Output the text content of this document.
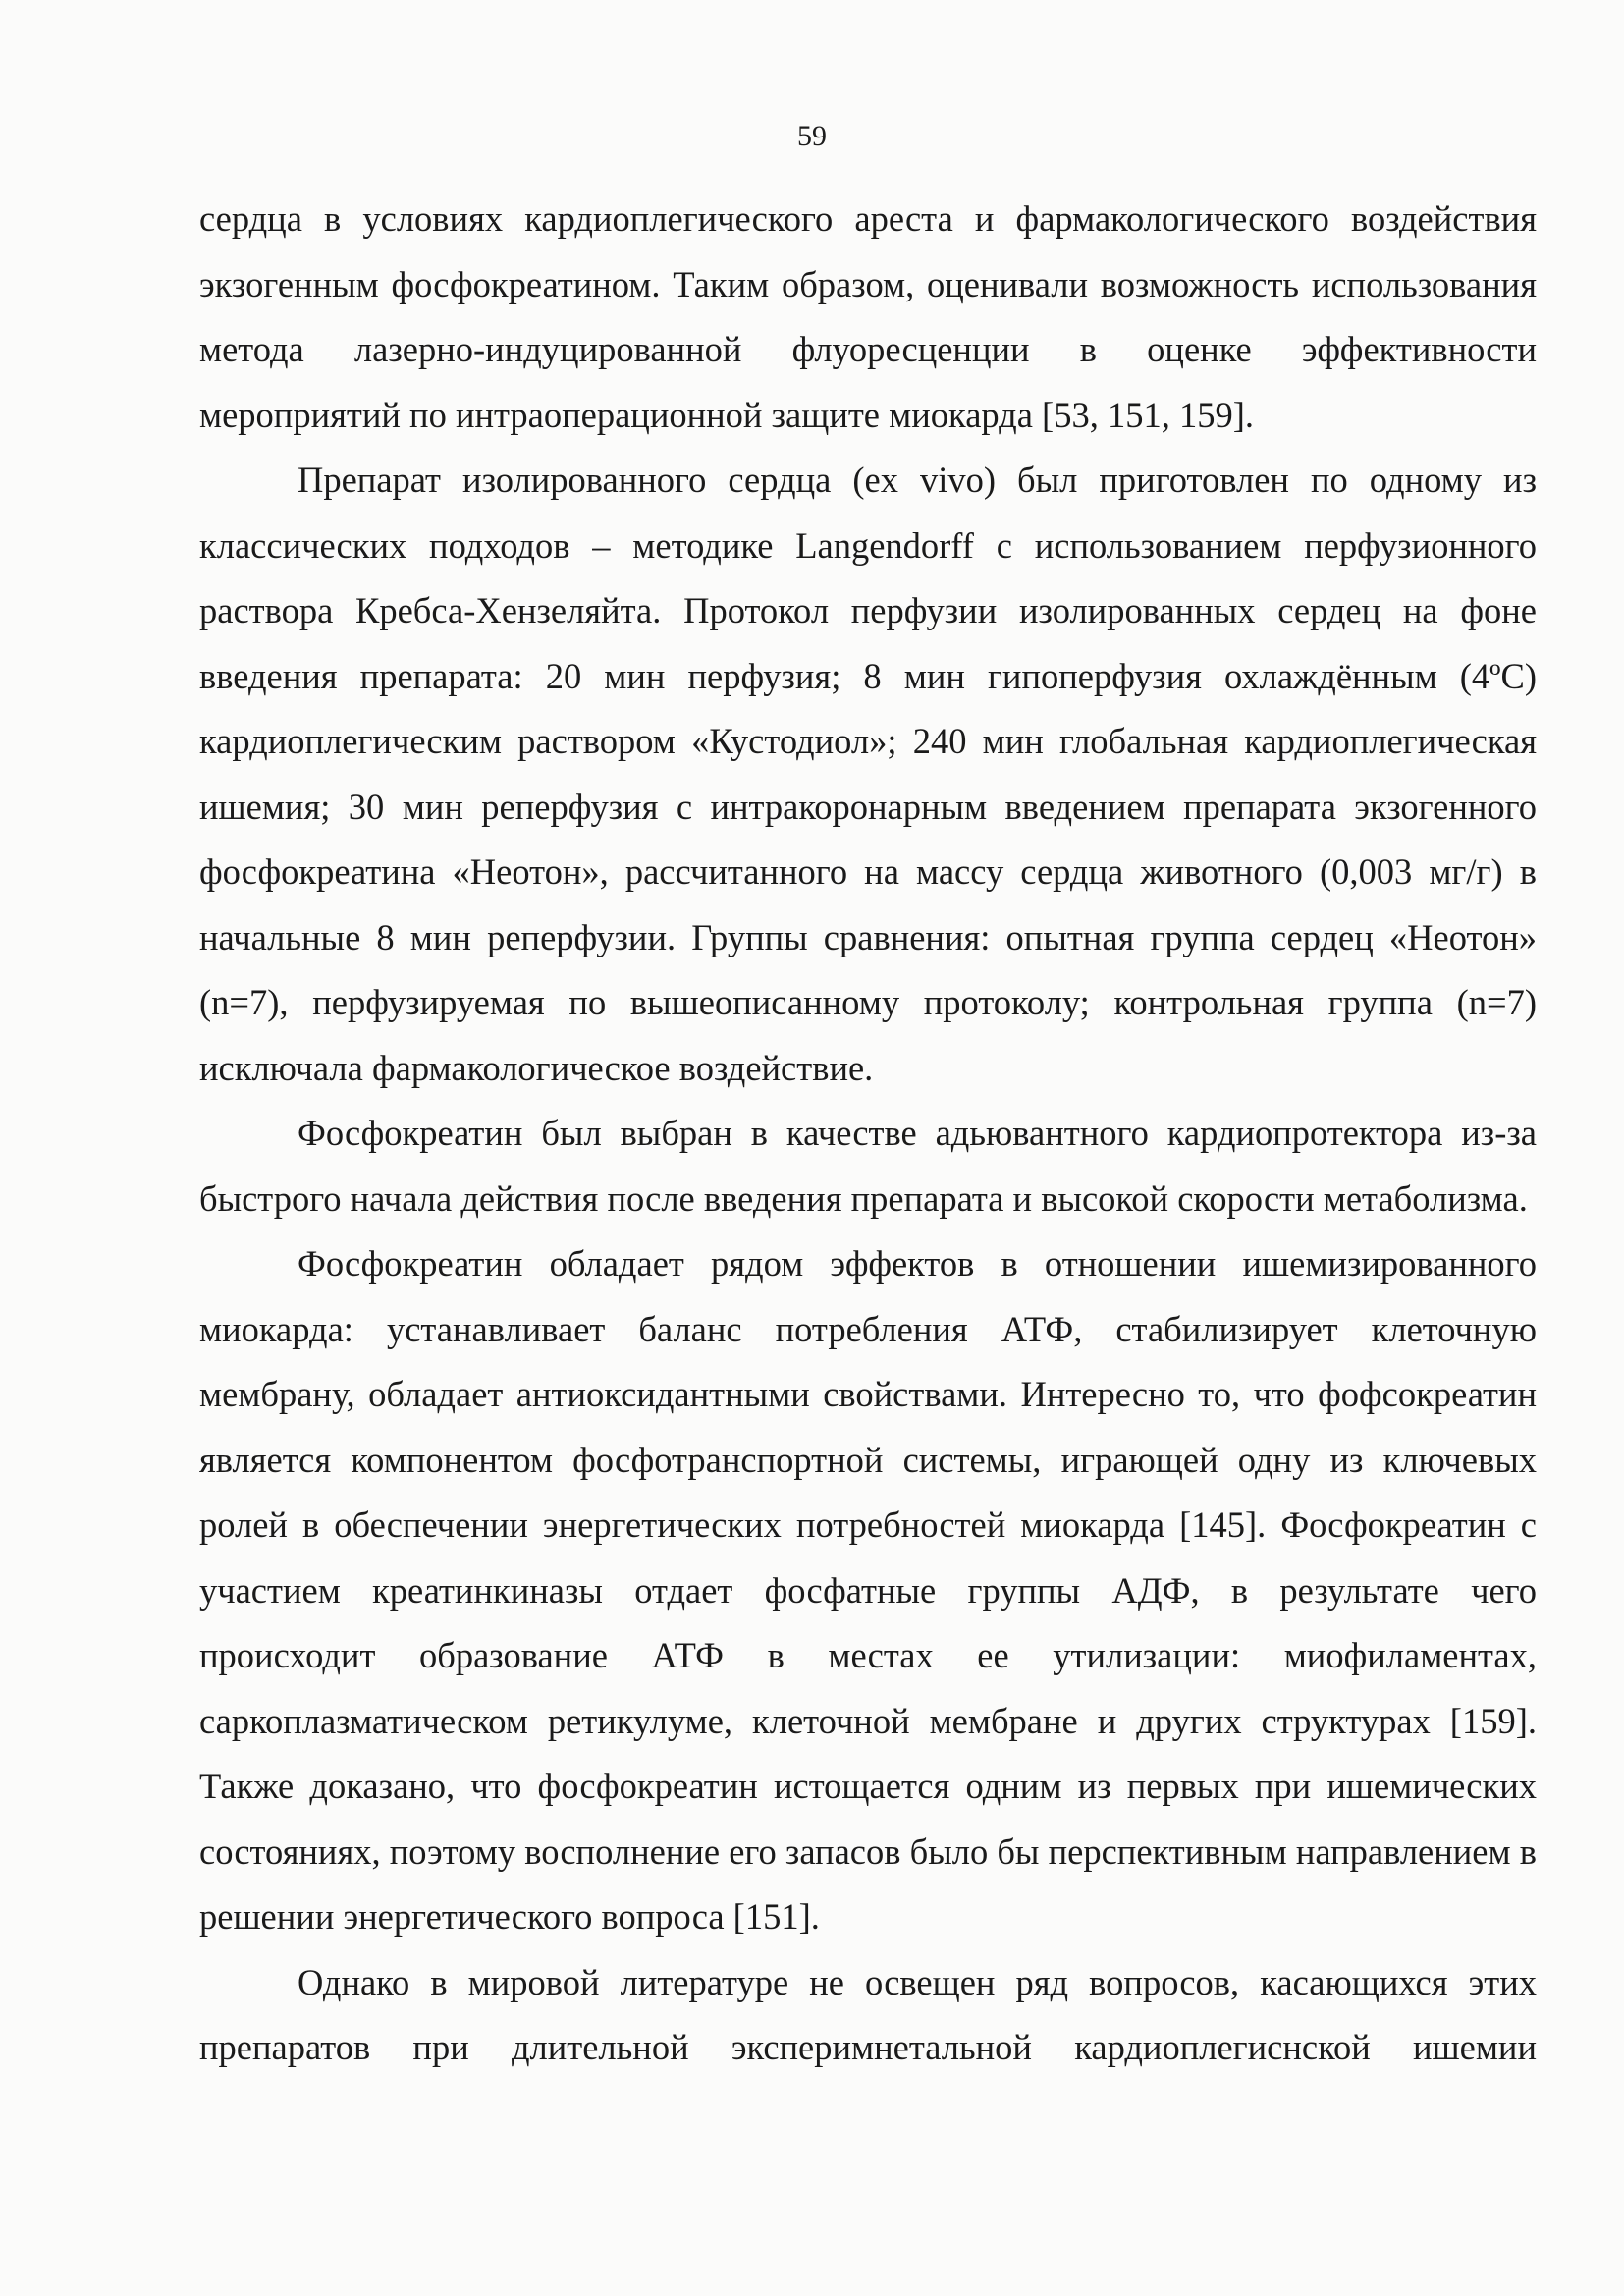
59

сердца в условиях кардиоплегического ареста и фармакологического воздействия экзогенным фосфокреатином. Таким образом, оценивали возможность использования метода лазерно-индуцированной флуоресценции в оценке эффективности мероприятий по интраоперационной защите миокарда [53, 151, 159].

Препарат изолированного сердца (ex vivo) был приготовлен по одному из классических подходов – методике Langendorff с использованием перфузионного раствора Кребса-Хензеляйта. Протокол перфузии изолированных сердец на фоне введения препарата: 20 мин перфузия; 8 мин гипоперфузия охлаждённым (4ºС) кардиоплегическим раствором «Кустодиол»; 240 мин глобальная кардиоплегическая ишемия; 30 мин реперфузия с интракоронарным введением препарата экзогенного фосфокреатина «Неотон», рассчитанного на массу сердца животного (0,003 мг/г) в начальные 8 мин реперфузии. Группы сравнения: опытная группа сердец «Неотон» (n=7), перфузируемая по вышеописанному протоколу; контрольная группа (n=7) исключала фармакологическое воздействие.

Фосфокреатин был выбран в качестве адьювантного кардиопротектора из-за быстрого начала действия после введения препарата и высокой скорости метаболизма.

Фосфокреатин обладает рядом эффектов в отношении ишемизированного миокарда: устанавливает баланс потребления АТФ, стабилизирует клеточную мембрану, обладает антиоксидантными свойствами. Интересно то, что фофсокреатин является компонентом фосфотранспортной системы, играющей одну из ключевых ролей в обеспечении энергетических потребностей миокарда [145]. Фосфокреатин с участием креатинкиназы отдает фосфатные группы АДФ, в результате чего происходит образование АТФ в местах ее утилизации: миофиламентах, саркоплазматическом ретикулуме, клеточной мембране и других структурах [159]. Также доказано, что фосфокреатин истощается одним из первых при ишемических состояниях, поэтому восполнение его запасов было бы перспективным направлением в решении энергетического вопроса [151].

Однако в мировой литературе не освещен ряд вопросов, касающихся этих препаратов при длительной эксперимнетальной кардиоплегиснской ишемии
